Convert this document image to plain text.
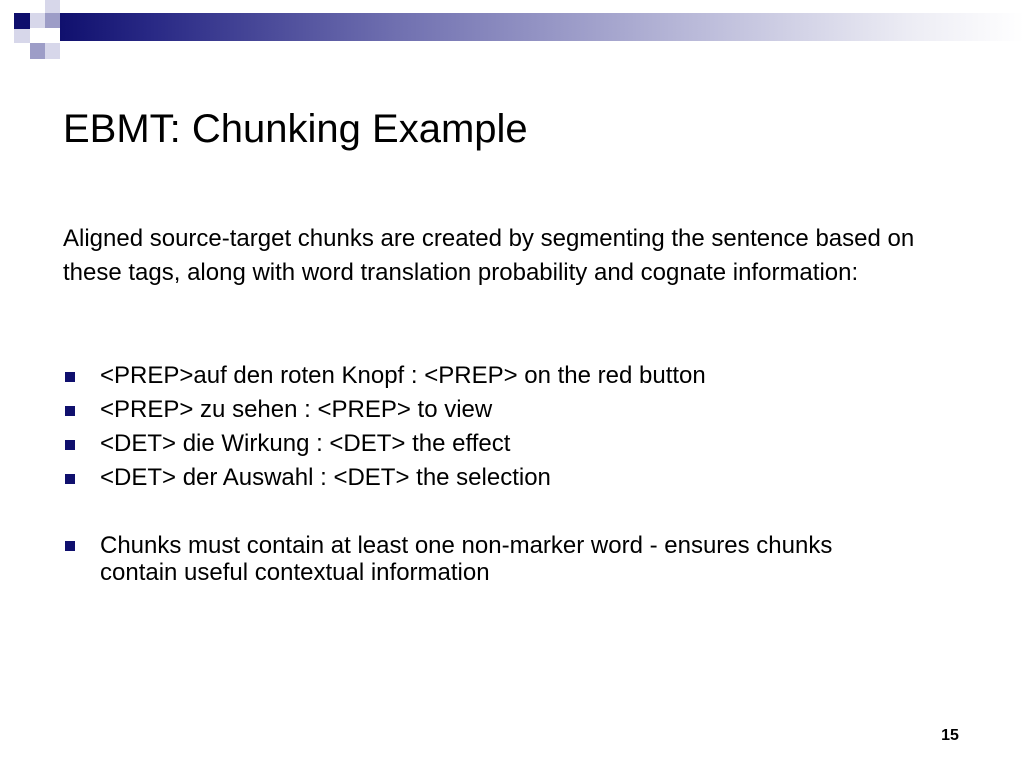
EBMT: Chunking Example

Aligned source-target chunks are created by segmenting the sentence based on these tags, along with word translation probability and cognate information:

<PREP>auf den roten Knopf : <PREP> on the red button
<PREP> zu sehen : <PREP> to view
<DET> die Wirkung : <DET> the effect
<DET> der Auswahl : <DET> the selection
Chunks must contain at least one non-marker word - ensures chunks contain useful contextual information
15
